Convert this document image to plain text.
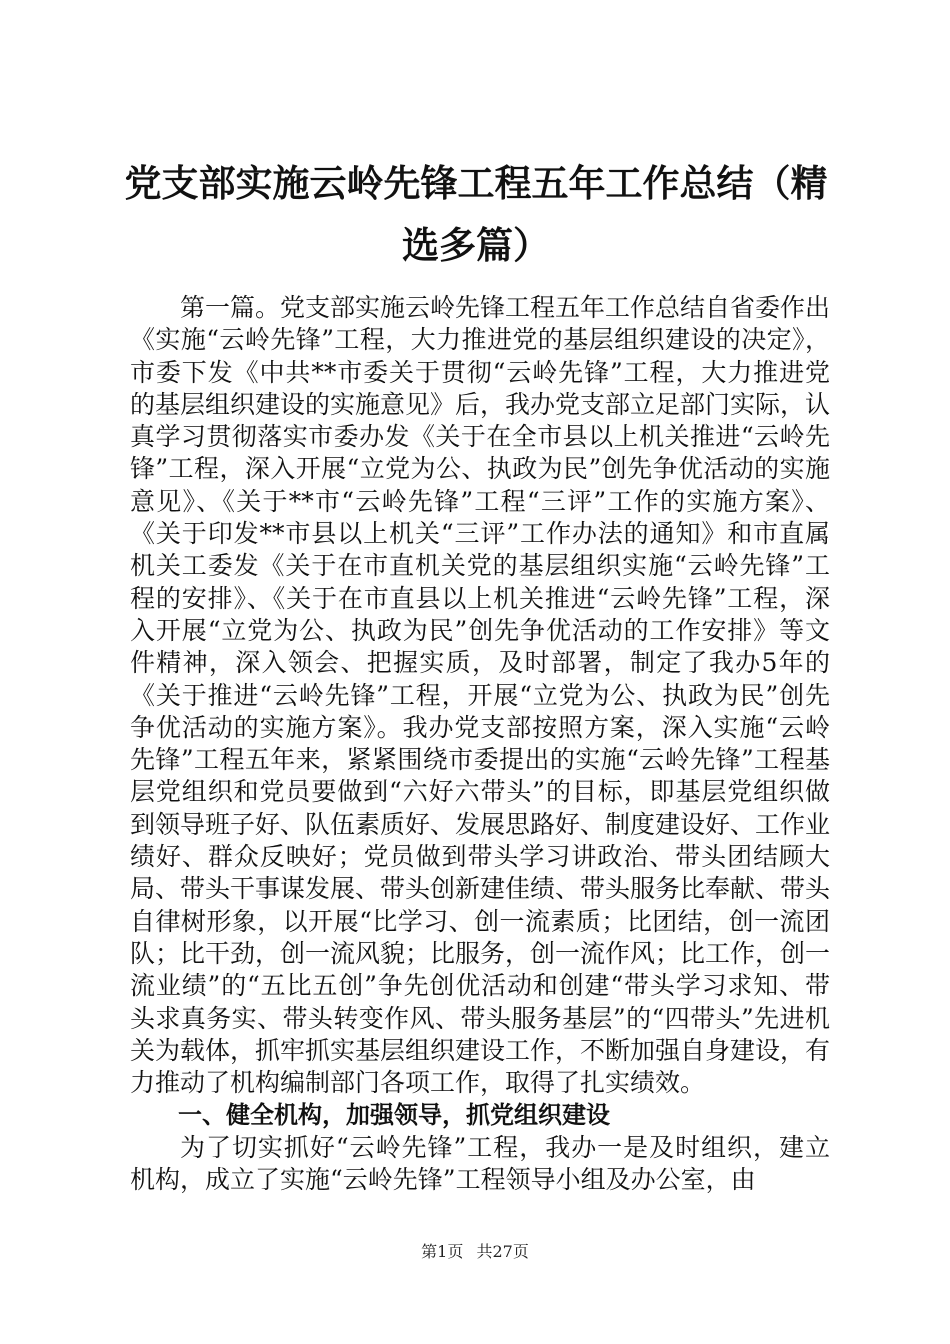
党支部实施云岭先锋工程五年工作总结（精选多篇）

第一篇。党支部实施云岭先锋工程五年工作总结自省委作出《实施“云岭先锋”工程，大力推进党的基层组织建设的决定》，市委下发《中共**市委关于贯彻“云岭先锋”工程，大力推进党的基层组织建设的实施意见》后，我办党支部立足部门实际，认真学习贯彻落实市委办发《关于在全市县以上机关推进“云岭先锋”工程，深入开展“立党为公、执政为民”创先争优活动的实施意见》、《关于**市“云岭先锋”工程“三评”工作的实施方案》、《关于印发**市县以上机关“三评”工作办法的通知》和市直属机关工委发《关于在市直机关党的基层组织实施“云岭先锋”工程的安排》、《关于在市直县以上机关推进“云岭先锋”工程，深入开展“立党为公、执政为民”创先争优活动的工作安排》等文件精神，深入领会、把握实质，及时部署，制定了我办5年的《关于推进“云岭先锋”工程，开展“立党为公、执政为民”创先争优活动的实施方案》。我办党支部按照方案，深入实施“云岭先锋”工程五年来，紧紧围绕市委提出的实施“云岭先锋”工程基层党组织和党员要做到“六好六带头”的目标，即基层党组织做到领导班子好、队伍素质好、发展思路好、制度建设好、工作业绩好、群众反映好；党员做到带头学习讲政治、带头团结顾大局、带头干事谋发展、带头创新建佳绩、带头服务比奉献、带头自律树形象，以开展“比学习、创一流素质；比团结，创一流团队；比干劲，创一流风貌；比服务，创一流作风；比工作，创一流业绩”的“五比五创”争先创优活动和创建“带头学习求知、带头求真务实、带头转变作风、带头服务基层”的“四带头”先进机关为载体，抓牢抓实基层组织建设工作，不断加强自身建设，有力推动了机构编制部门各项工作，取得了扎实绩效。

一、健全机构，加强领导，抓党组织建设

为了切实抓好“云岭先锋”工程，我办一是及时组织，建立机构，成立了实施“云岭先锋”工程领导小组及办公室，由

第1页 共27页
